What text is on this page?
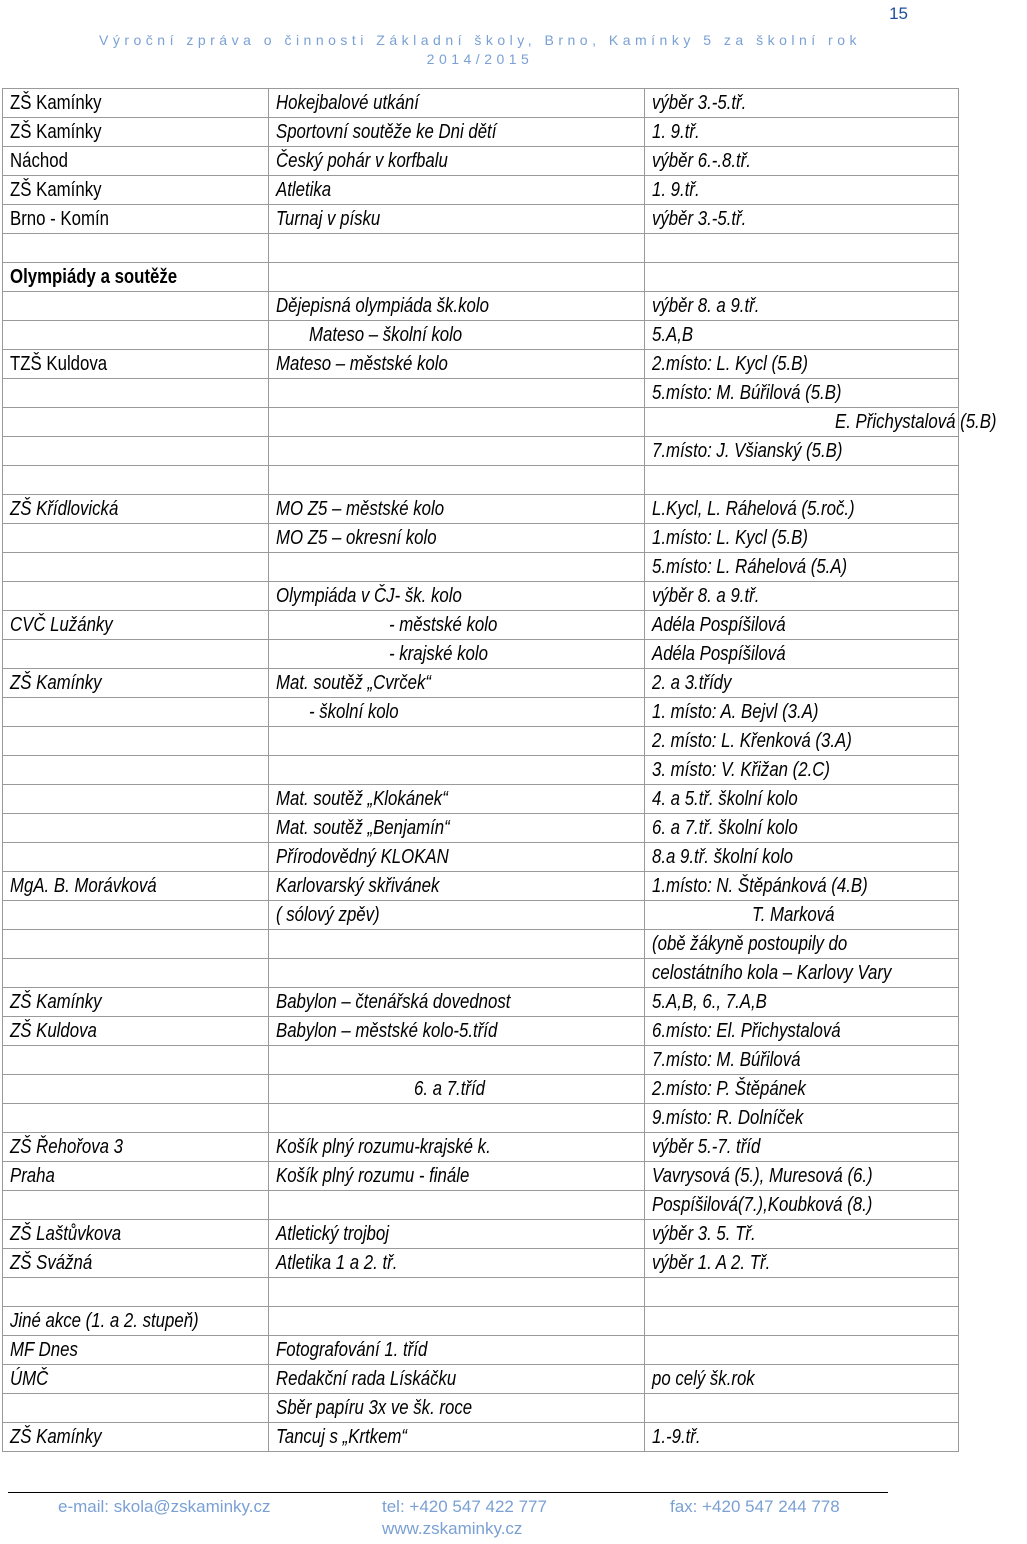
15
Výroční zpráva o činnosti Základní školy, Brno, Kamínky 5 za školní rok
2014/2015
ZŠ Kamínky	Hokejbalové utkání	výběr 3.-5.tř.
ZŠ Kamínky	Sportovní soutěže ke Dni dětí	1. 9.tř.
Náchod	Český pohár v korfbalu	výběr 6.-.8.tř.
ZŠ Kamínky	Atletika	1. 9.tř.
Brno - Komín	Turnaj v písku	výběr 3.-5.tř.

Olympiády a soutěže		
	Dějepisná olympiáda šk.kolo	výběr 8. a 9.tř.
	Mateso – školní kolo	5.A,B
TZŠ Kuldova	Mateso – městské kolo	2.místo: L. Kycl (5.B)
		5.místo: M. Búřilová (5.B)
		E. Přichystalová (5.B)
		7.místo: J. Všianský (5.B)

ZŠ Křídlovická	MO Z5 – městské kolo	L.Kycl, L. Ráhelová (5.roč.)
	MO Z5 – okresní kolo	1.místo: L. Kycl (5.B)
		5.místo: L. Ráhelová (5.A)
	Olympiáda v ČJ- šk. kolo	výběr 8. a 9.tř.
CVČ Lužánky	- městské kolo	Adéla Pospíšilová
	- krajské kolo	Adéla Pospíšilová
ZŠ Kamínky	Mat. soutěž „Cvrček“	2. a 3.třídy
	- školní kolo	1. místo: A. Bejvl (3.A)
		2. místo: L. Křenková (3.A)
		3. místo: V. Křižan (2.C)
	Mat. soutěž „Klokánek“	4. a 5.tř. školní kolo
	Mat. soutěž „Benjamín“	6. a 7.tř. školní kolo
	Přírodovědný KLOKAN	8.a 9.tř. školní kolo
MgA. B. Morávková	Karlovarský skřivánek	1.místo: N. Štěpánková (4.B)
	( sólový zpěv)	T. Marková
		(obě žákyně postoupily do
		celostátního kola – Karlovy Vary
ZŠ Kamínky	Babylon – čtenářská dovednost	5.A,B, 6., 7.A,B
ZŠ Kuldova	Babylon – městské kolo-5.tříd	6.místo: El. Přichystalová
		7.místo: M. Búřilová
	6. a 7.tříd	2.místo: P. Štěpánek
		9.místo: R. Dolníček
ZŠ Řehořova 3	Košík plný rozumu-krajské k.	výběr 5.-7. tříd
Praha	Košík plný rozumu - finále	Vavrysová (5.), Muresová (6.)
		Pospíšilová(7.),Koubková (8.)
ZŠ Laštůvkova	Atletický trojboj	výběr 3. 5. Tř.
ZŠ Svážná	Atletika 1 a 2. tř.	výběr 1. A 2. Tř.

Jiné akce (1. a 2. stupeň)		
MF Dnes	Fotografování 1. tříd	
ÚMČ	Redakční rada Lískáčku	po celý šk.rok
	Sběr papíru 3x ve šk. roce	
ZŠ Kamínky	Tancuj s „Krtkem“	1.-9.tř.
e-mail: skola@zskaminky.cz	tel: +420 547 422 777	fax: +420 547 244 778
www.zskaminky.cz
